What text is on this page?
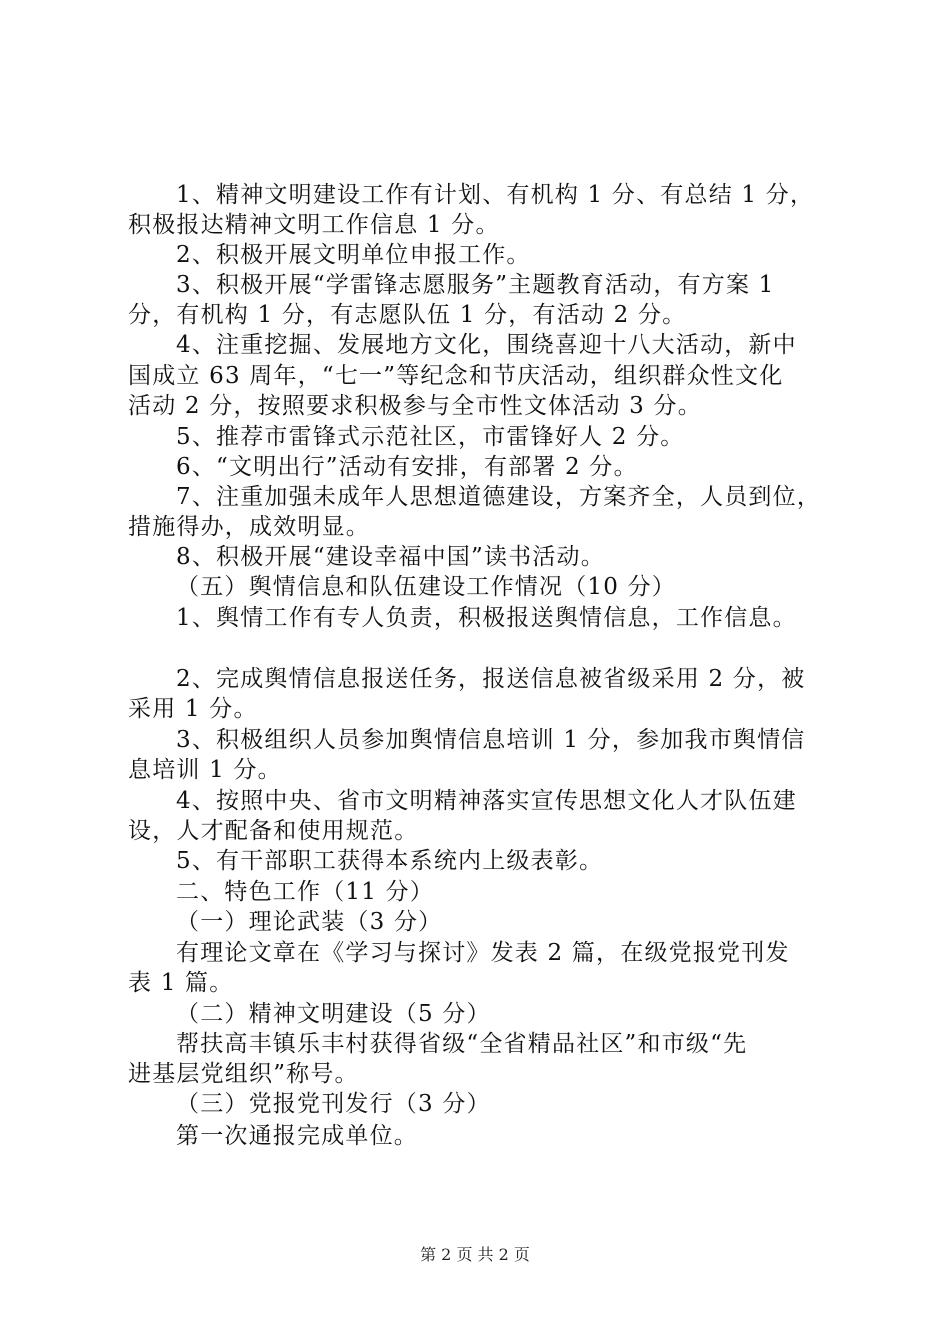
1、精神文明建设工作有计划、有机构 1 分、有总结 1 分，
积极报达精神文明工作信息 1 分。
2、积极开展文明单位申报工作。
3、积极开展“学雷锋志愿服务”主题教育活动，有方案 1
分，有机构 1 分，有志愿队伍 1 分，有活动 2 分。
4、注重挖掘、发展地方文化，围绕喜迎十八大活动，新中
国成立 63 周年，“七一”等纪念和节庆活动，组织群众性文化
活动 2 分，按照要求积极参与全市性文体活动 3 分。
5、推荐市雷锋式示范社区，市雷锋好人 2 分。
6、“文明出行”活动有安排，有部署 2 分。
7、注重加强未成年人思想道德建设，方案齐全，人员到位，
措施得办，成效明显。
8、积极开展“建设幸福中国”读书活动。
（五）舆情信息和队伍建设工作情况（10 分）
1、舆情工作有专人负责，积极报送舆情信息，工作信息。
2、完成舆情信息报送任务，报送信息被省级采用 2 分，被
采用 1 分。
3、积极组织人员参加舆情信息培训 1 分，参加我市舆情信
息培训 1 分。
4、按照中央、省市文明精神落实宣传思想文化人才队伍建
设，人才配备和使用规范。
5、有干部职工获得本系统内上级表彰。
二、特色工作（11 分）
（一）理论武装（3 分）
有理论文章在《学习与探讨》发表 2 篇，在级党报党刊发
表 1 篇。
（二）精神文明建设（5 分）
帮扶高丰镇乐丰村获得省级“全省精品社区”和市级“先
进基层党组织”称号。
（三）党报党刊发行（3 分）
第一次通报完成单位。
第 2 页 共 2 页
